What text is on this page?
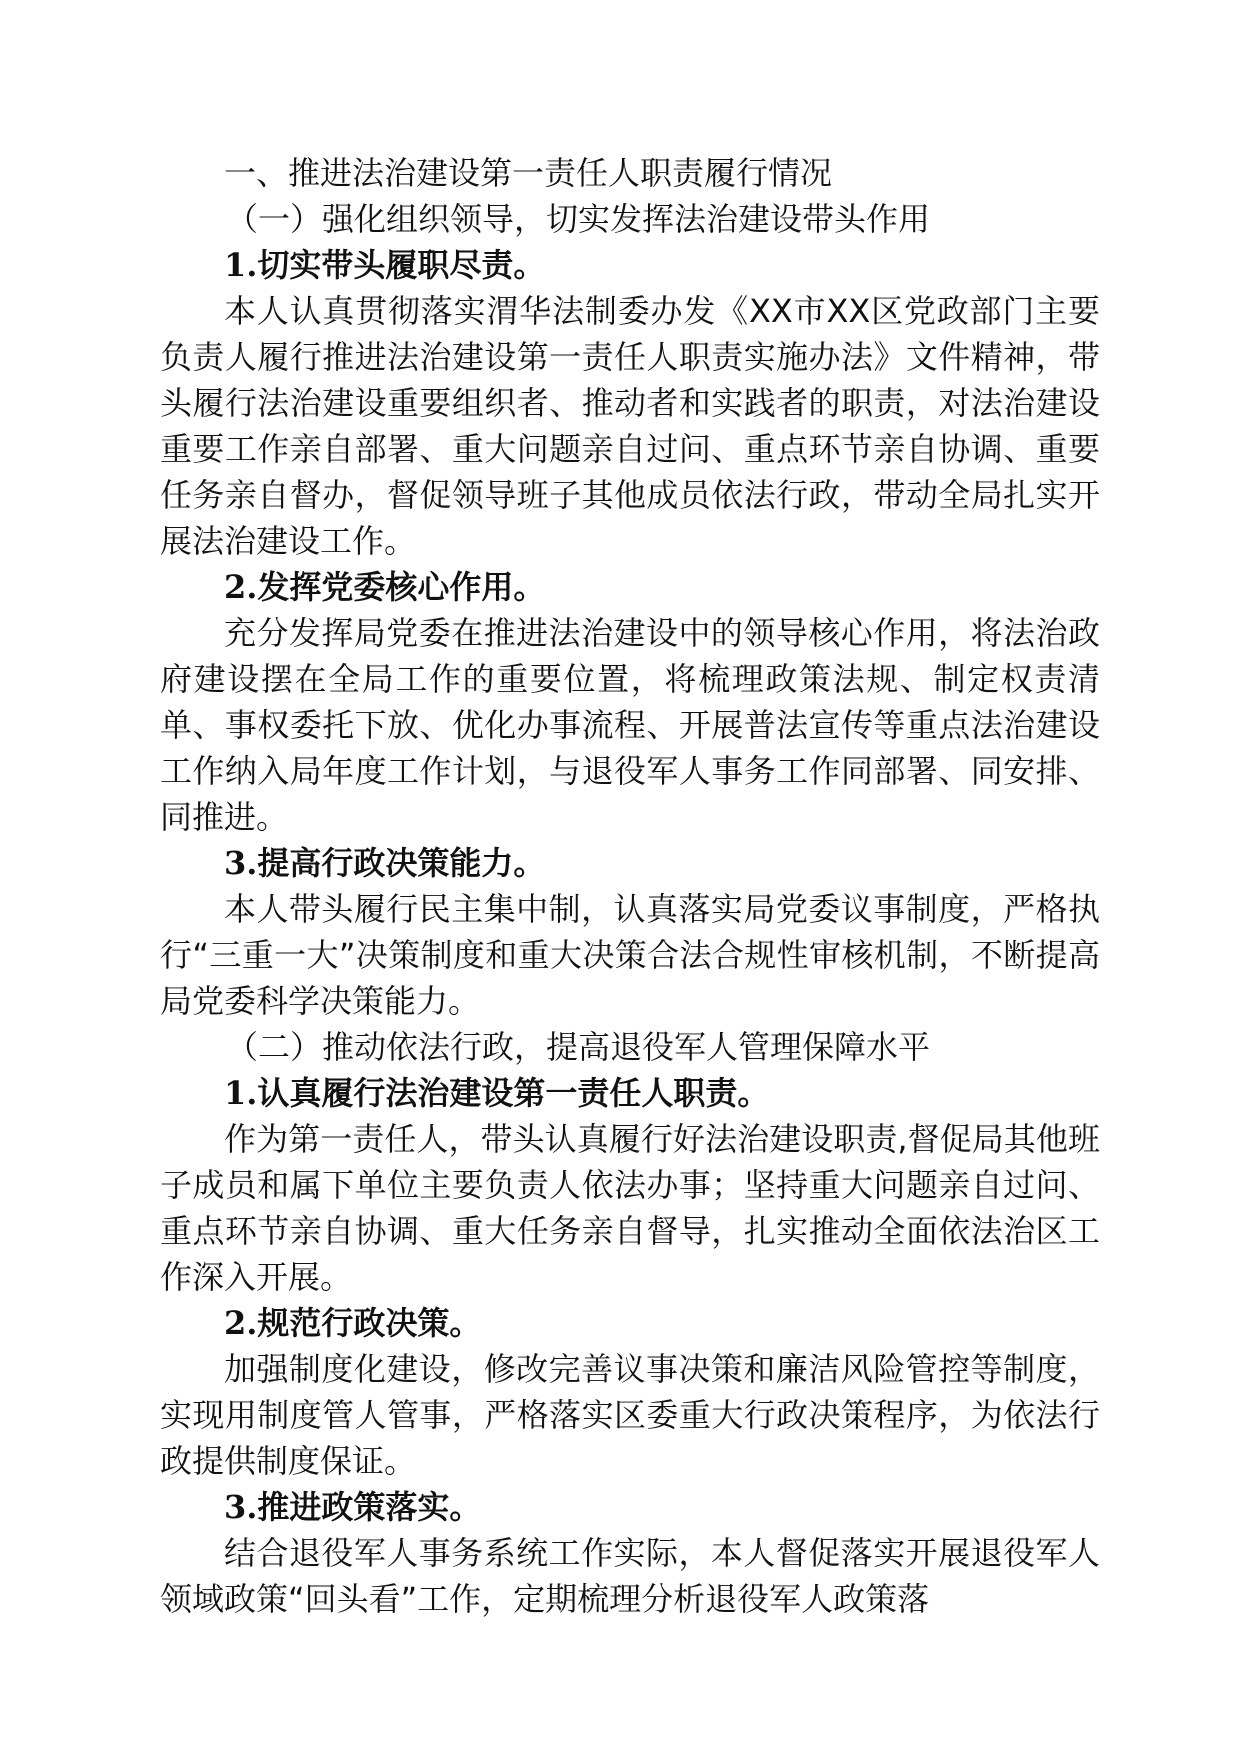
一、推进法治建设第一责任人职责履行情况

（一）强化组织领导，切实发挥法治建设带头作用

1.切实带头履职尽责。

本人认真贯彻落实渭华法制委办发《XX市XX区党政部门主要负责人履行推进法治建设第一责任人职责实施办法》文件精神，带头履行法治建设重要组织者、推动者和实践者的职责，对法治建设重要工作亲自部署、重大问题亲自过问、重点环节亲自协调、重要任务亲自督办，督促领导班子其他成员依法行政，带动全局扎实开展法治建设工作。

2.发挥党委核心作用。

充分发挥局党委在推进法治建设中的领导核心作用，将法治政府建设摆在全局工作的重要位置，将梳理政策法规、制定权责清单、事权委托下放、优化办事流程、开展普法宣传等重点法治建设工作纳入局年度工作计划，与退役军人事务工作同部署、同安排、同推进。

3.提高行政决策能力。

本人带头履行民主集中制，认真落实局党委议事制度，严格执行“三重一大”决策制度和重大决策合法合规性审核机制，不断提高局党委科学决策能力。

（二）推动依法行政，提高退役军人管理保障水平

1.认真履行法治建设第一责任人职责。

作为第一责任人，带头认真履行好法治建设职责,督促局其他班子成员和属下单位主要负责人依法办事；坚持重大问题亲自过问、重点环节亲自协调、重大任务亲自督导，扎实推动全面依法治区工作深入开展。

2.规范行政决策。

加强制度化建设，修改完善议事决策和廉洁风险管控等制度，实现用制度管人管事，严格落实区委重大行政决策程序，为依法行政提供制度保证。

3.推进政策落实。

结合退役军人事务系统工作实际，本人督促落实开展退役军人领域政策“回头看”工作，定期梳理分析退役军人政策落
